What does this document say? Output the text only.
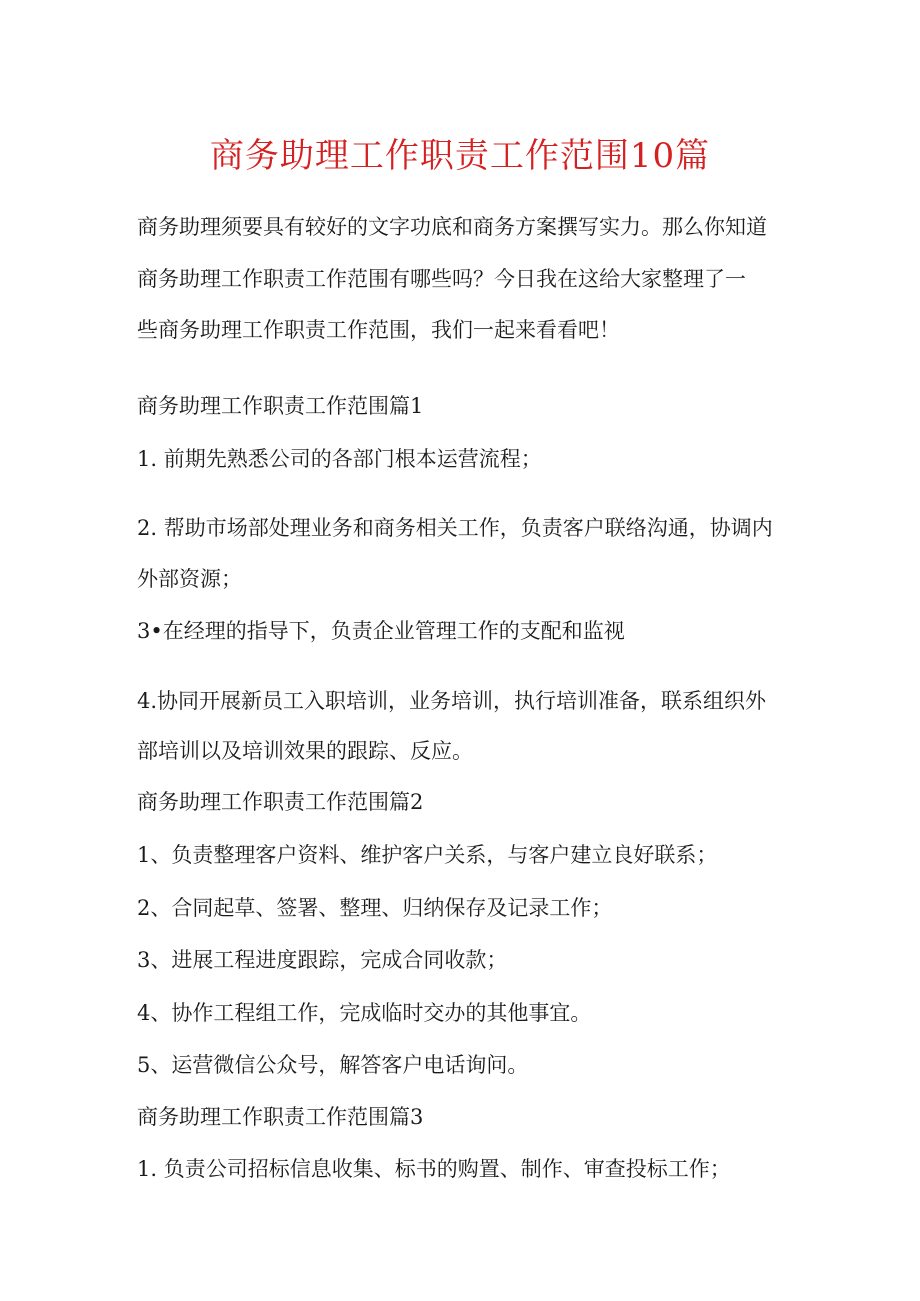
商务助理工作职责工作范围10篇
商务助理须要具有较好的文字功底和商务方案撰写实力。那么你知道
商务助理工作职责工作范围有哪些吗？今日我在这给大家整理了一
些商务助理工作职责工作范围，我们一起来看看吧！
商务助理工作职责工作范围篇1
1. 前期先熟悉公司的各部门根本运营流程；
2. 帮助市场部处理业务和商务相关工作，负责客户联络沟通，协调内
外部资源；
3•在经理的指导下，负责企业管理工作的支配和监视
4.协同开展新员工入职培训，业务培训，执行培训准备，联系组织外
部培训以及培训效果的跟踪、反应。
商务助理工作职责工作范围篇2
1、负责整理客户资料、维护客户关系，与客户建立良好联系；
2、合同起草、签署、整理、归纳保存及记录工作；
3、进展工程进度跟踪，完成合同收款；
4、协作工程组工作，完成临时交办的其他事宜。
5、运营微信公众号，解答客户电话询问。
商务助理工作职责工作范围篇3
1. 负责公司招标信息收集、标书的购置、制作、审查投标工作；
